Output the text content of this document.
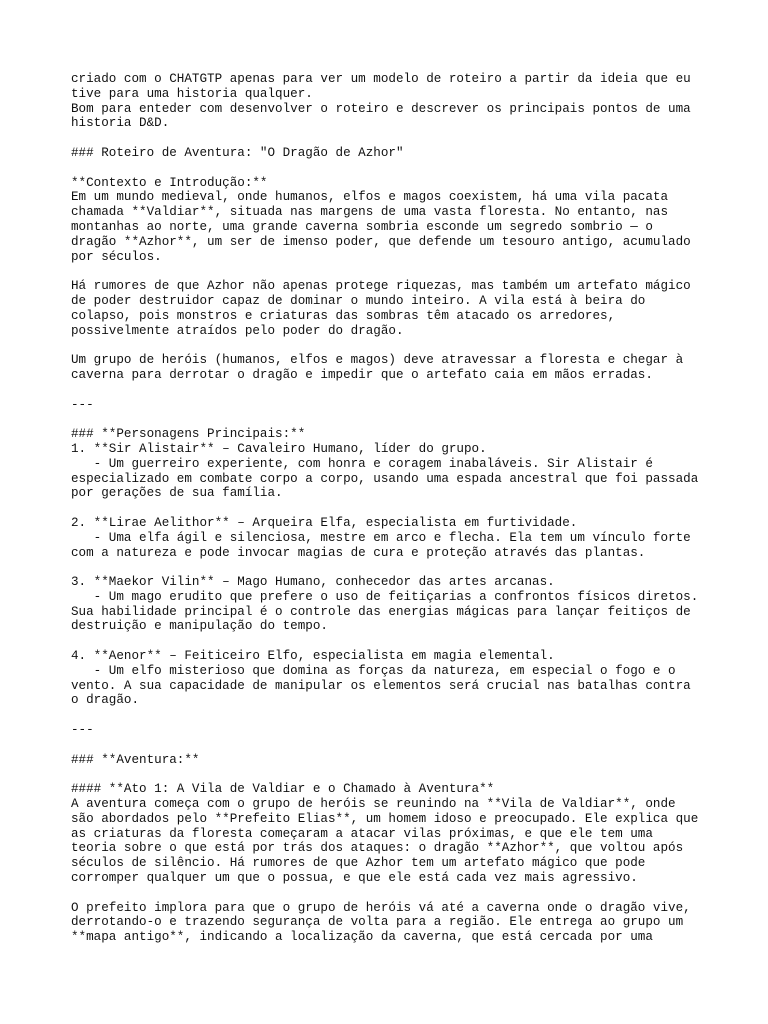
criado com o CHATGTP apenas para ver um modelo de roteiro a partir da ideia que eu
tive para uma historia qualquer.
Bom para enteder com desenvolver o roteiro e descrever os principais pontos de uma
historia D&D.
### Roteiro de Aventura: "O Dragão de Azhor"
**Contexto e Introdução:**
Em um mundo medieval, onde humanos, elfos e magos coexistem, há uma vila pacata
chamada **Valdiar**, situada nas margens de uma vasta floresta. No entanto, nas
montanhas ao norte, uma grande caverna sombria esconde um segredo sombrio — o
dragão **Azhor**, um ser de imenso poder, que defende um tesouro antigo, acumulado
por séculos.
Há rumores de que Azhor não apenas protege riquezas, mas também um artefato mágico
de poder destruidor capaz de dominar o mundo inteiro. A vila está à beira do
colapso, pois monstros e criaturas das sombras têm atacado os arredores,
possivelmente atraídos pelo poder do dragão.
Um grupo de heróis (humanos, elfos e magos) deve atravessar a floresta e chegar à
caverna para derrotar o dragão e impedir que o artefato caia em mãos erradas.
---
### **Personagens Principais:**
1. **Sir Alistair** – Cavaleiro Humano, líder do grupo.
- Um guerreiro experiente, com honra e coragem inabaláveis. Sir Alistair é
especializado em combate corpo a corpo, usando uma espada ancestral que foi passada
por gerações de sua família.
2. **Lirae Aelithor** – Arqueira Elfa, especialista em furtividade.
- Uma elfa ágil e silenciosa, mestre em arco e flecha. Ela tem um vínculo forte
com a natureza e pode invocar magias de cura e proteção através das plantas.
3. **Maekor Vilin** – Mago Humano, conhecedor das artes arcanas.
- Um mago erudito que prefere o uso de feitiçarias a confrontos físicos diretos.
Sua habilidade principal é o controle das energias mágicas para lançar feitiços de
destruição e manipulação do tempo.
4. **Aenor** – Feiticeiro Elfo, especialista em magia elemental.
- Um elfo misterioso que domina as forças da natureza, em especial o fogo e o
vento. A sua capacidade de manipular os elementos será crucial nas batalhas contra
o dragão.
---
### **Aventura:**
#### **Ato 1: A Vila de Valdiar e o Chamado à Aventura**
A aventura começa com o grupo de heróis se reunindo na **Vila de Valdiar**, onde
são abordados pelo **Prefeito Elias**, um homem idoso e preocupado. Ele explica que
as criaturas da floresta começaram a atacar vilas próximas, e que ele tem uma
teoria sobre o que está por trás dos ataques: o dragão **Azhor**, que voltou após
séculos de silêncio. Há rumores de que Azhor tem um artefato mágico que pode
corromper qualquer um que o possua, e que ele está cada vez mais agressivo.
O prefeito implora para que o grupo de heróis vá até a caverna onde o dragão vive,
derrotando-o e trazendo segurança de volta para a região. Ele entrega ao grupo um
**mapa antigo**, indicando a localização da caverna, que está cercada por uma
